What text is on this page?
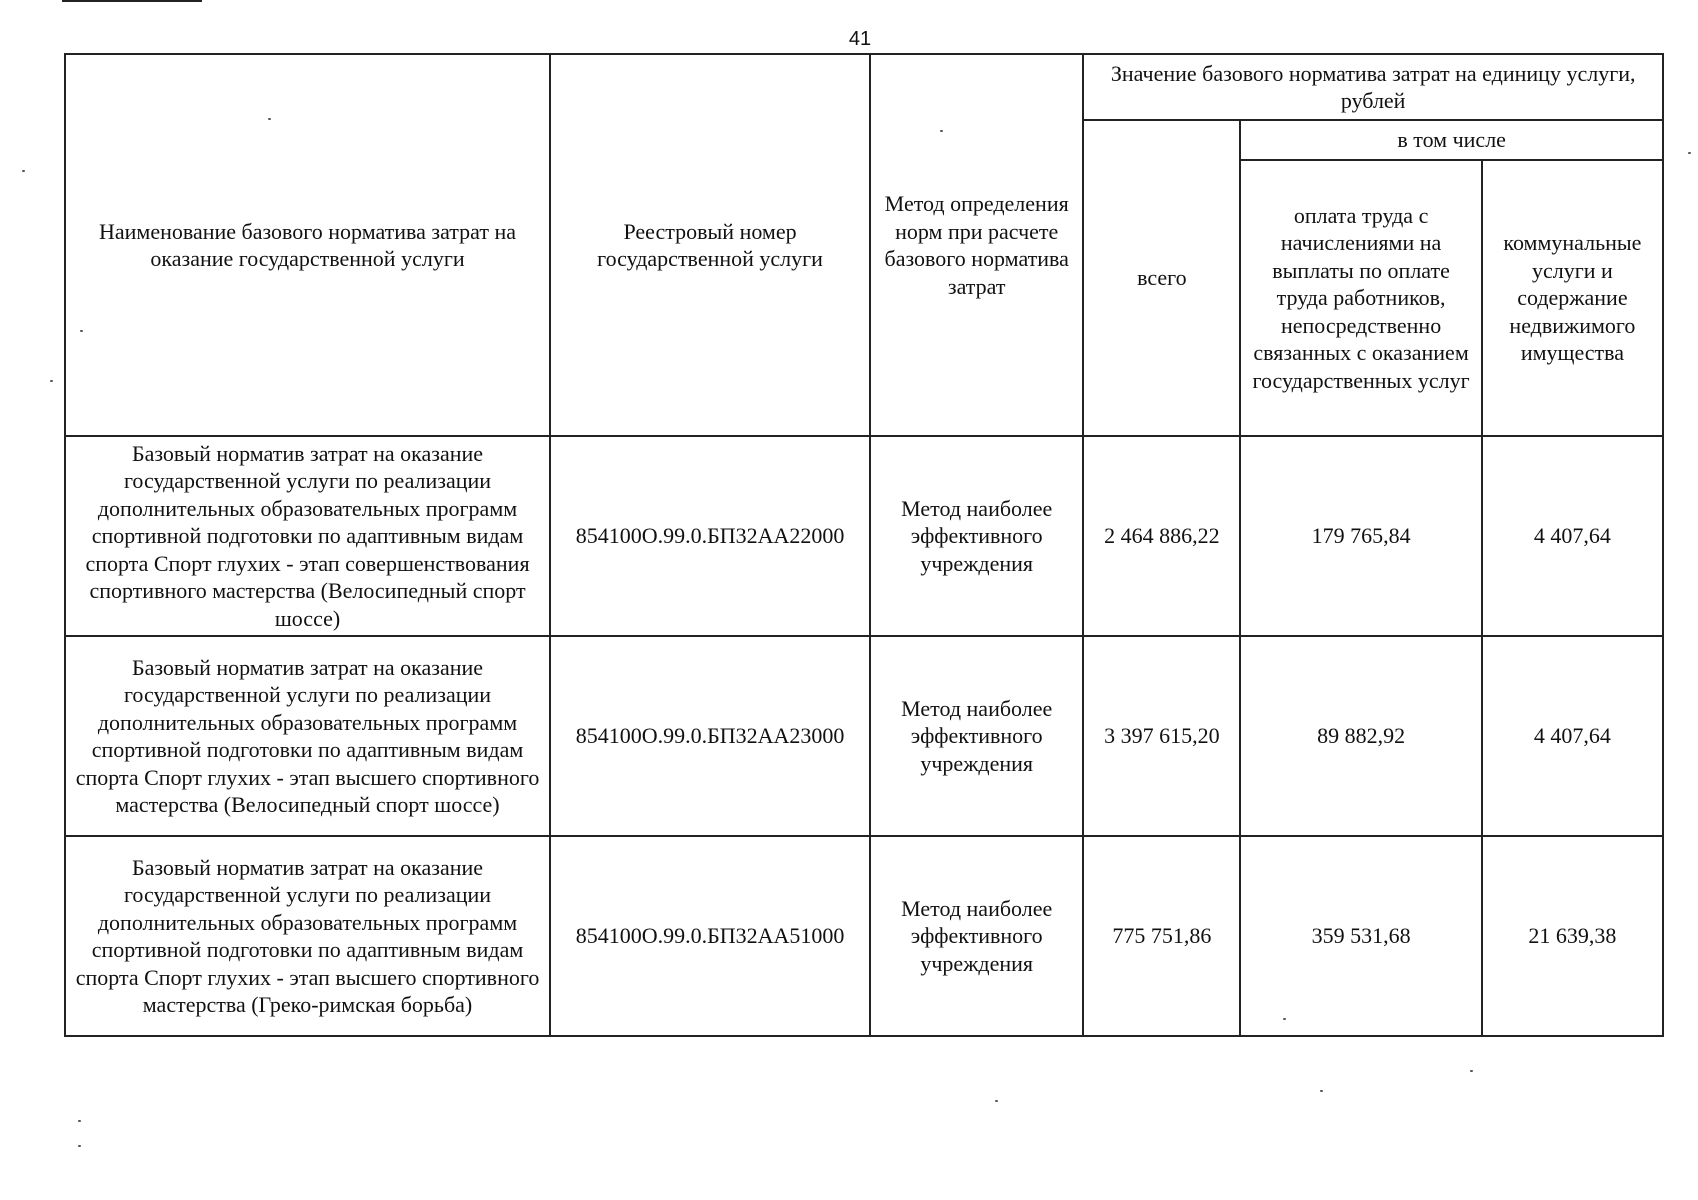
41
Наименование базового норматива затрат на оказание государственной услуги	Реестровый номер государственной услуги	Метод определения норм при расчете базового норматива затрат	Значение базового норматива затрат на единицу услуги, рублей		
			всего	в том числе	
				оплата труда с начислениями на выплаты по оплате труда работников, непосредственно связанных с оказанием государственных услуг	коммунальные услуги и содержание недвижимого имущества
Базовый норматив затрат на оказание государственной услуги по реализации дополнительных образовательных программ спортивной подготовки по адаптивным видам спорта Спорт глухих - этап совершенствования спортивного мастерства (Велосипедный спорт шоссе)	854100О.99.0.БП32АА22000	Метод наиболее эффективного учреждения	2 464 886,22	179 765,84	4 407,64
Базовый норматив затрат на оказание государственной услуги по реализации дополнительных образовательных программ спортивной подготовки по адаптивным видам спорта Спорт глухих - этап высшего спортивного мастерства (Велосипедный спорт шоссе)	854100О.99.0.БП32АА23000	Метод наиболее эффективного учреждения	3 397 615,20	89 882,92	4 407,64
Базовый норматив затрат на оказание государственной услуги по реализации дополнительных образовательных программ спортивной подготовки по адаптивным видам спорта Спорт глухих - этап высшего спортивного мастерства (Греко-римская борьба)	854100О.99.0.БП32АА51000	Метод наиболее эффективного учреждения	775 751,86	359 531,68	21 639,38
